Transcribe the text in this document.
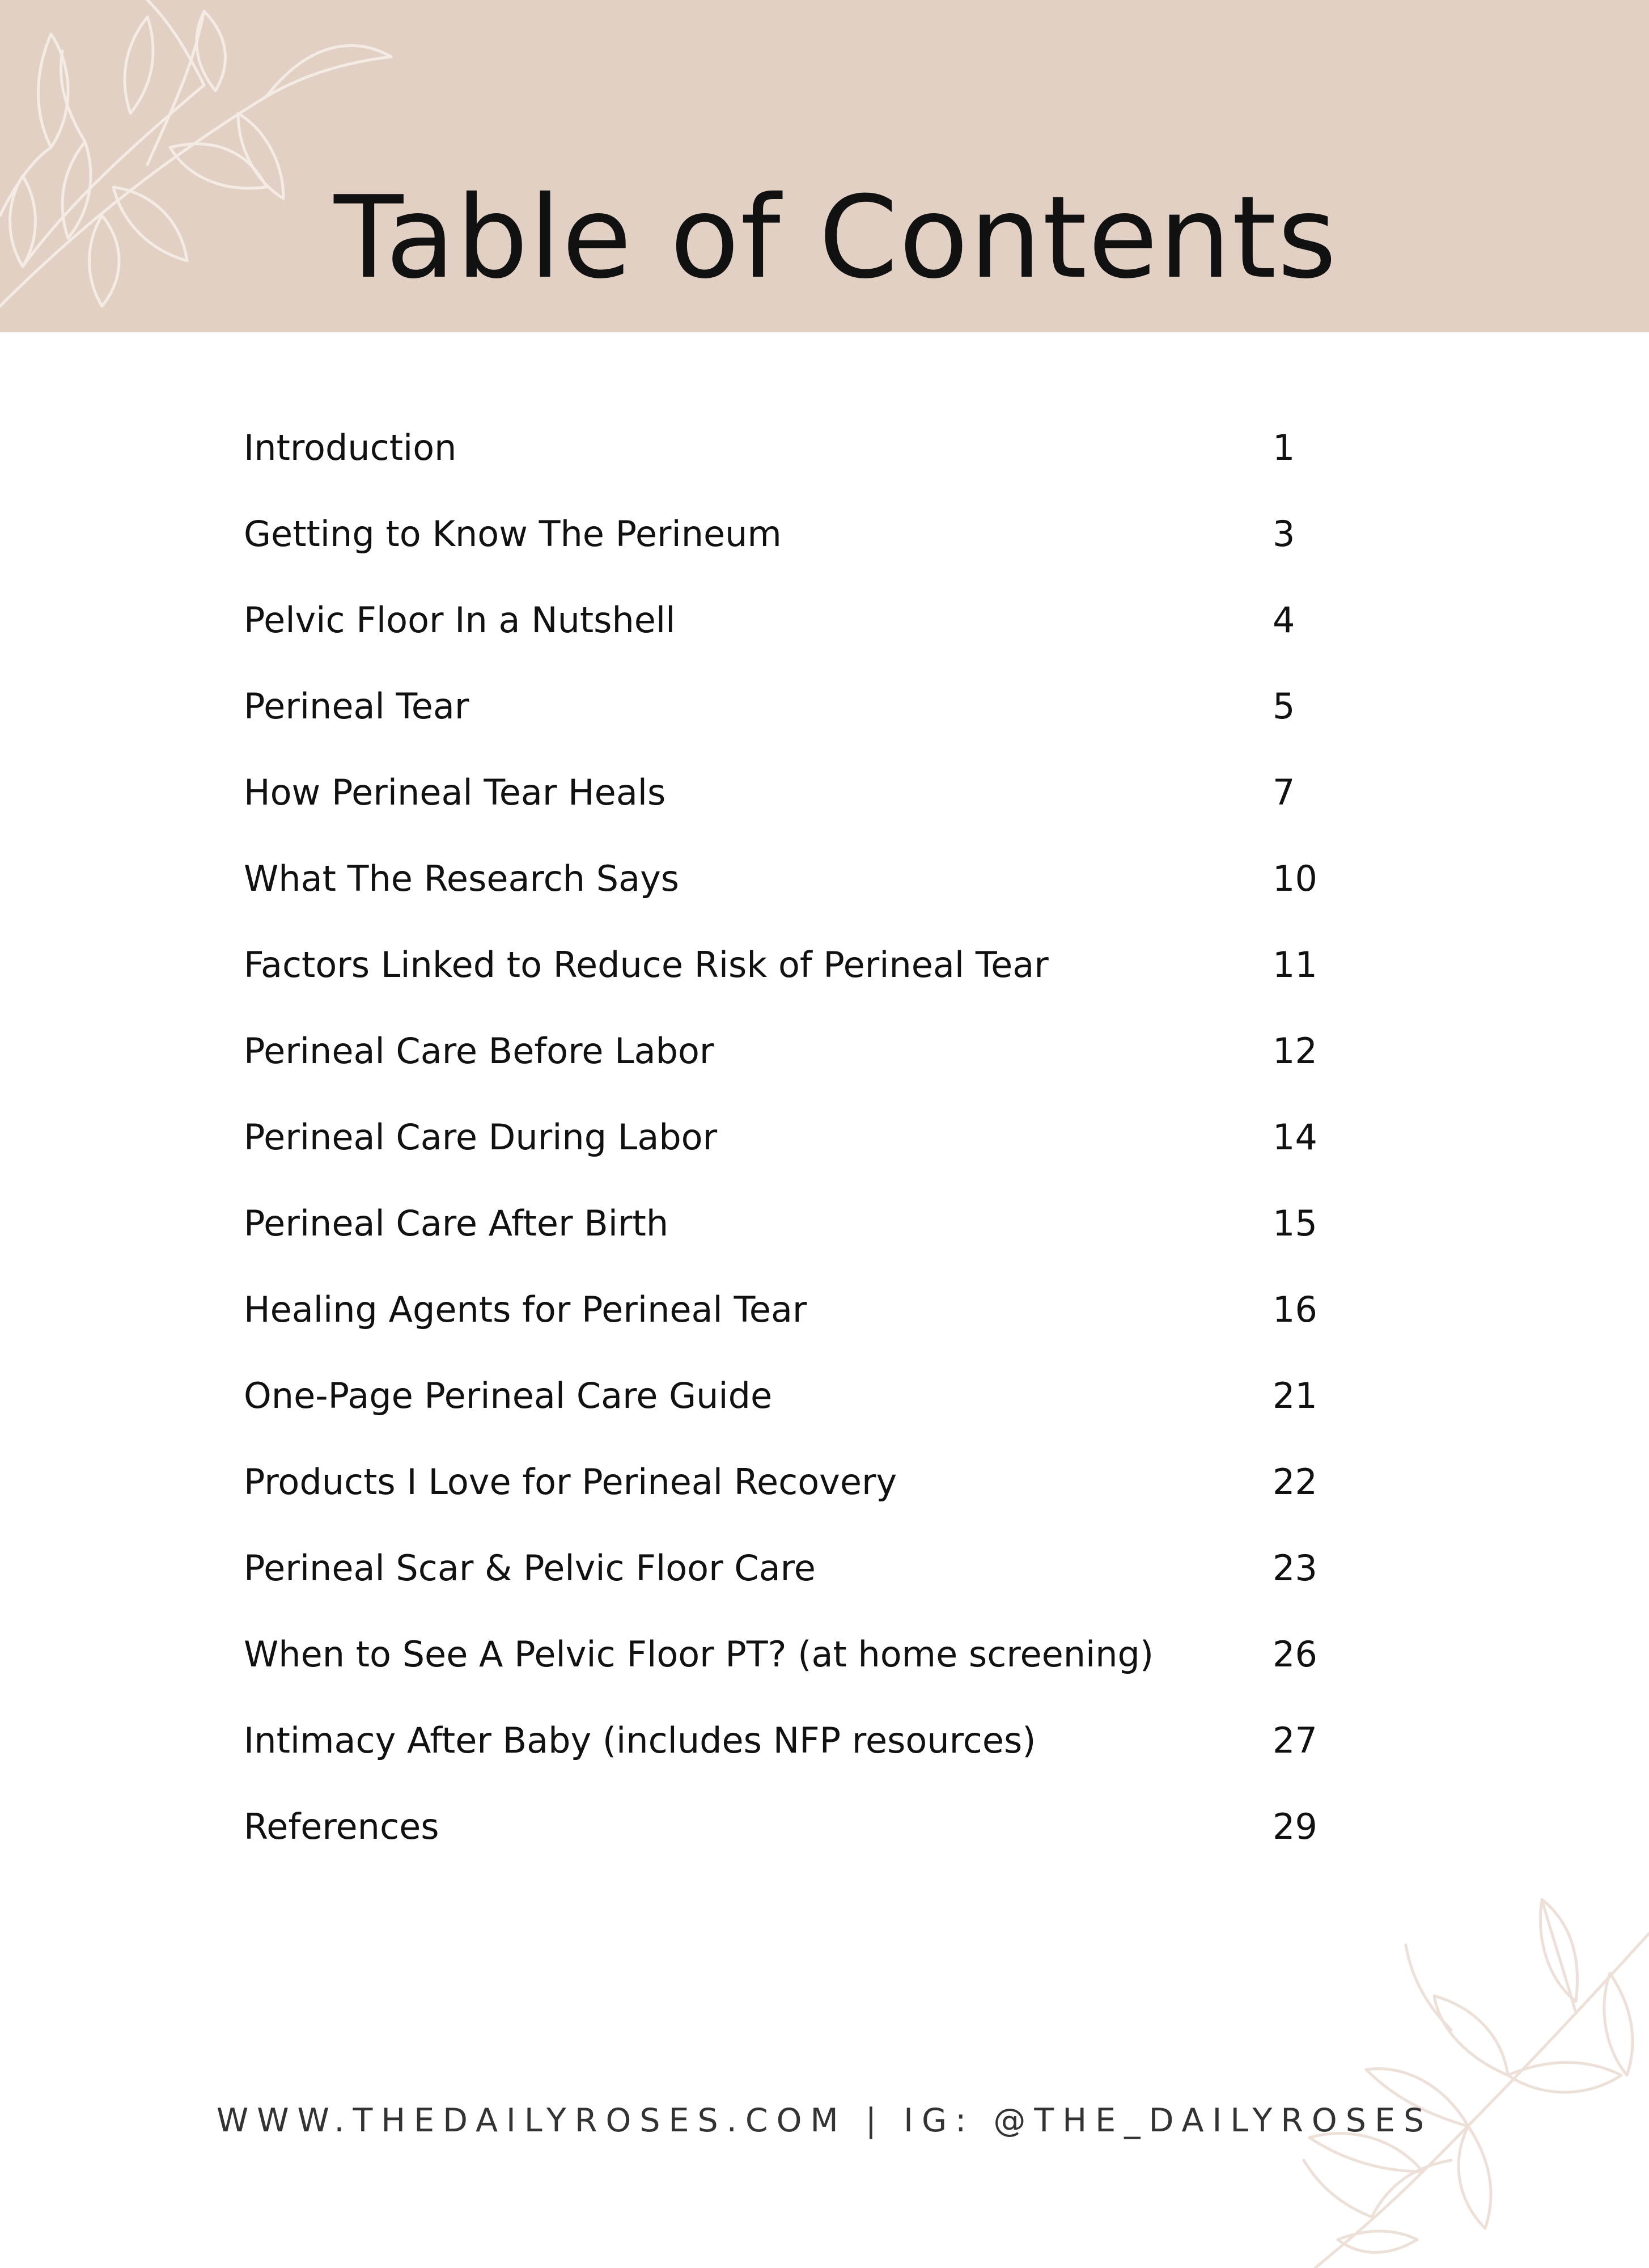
Table of Contents
Introduction	1
Getting to Know The Perineum	3
Pelvic Floor In a Nutshell	4
Perineal Tear	5
How Perineal Tear Heals	7
What The Research Says	10
Factors Linked to Reduce Risk of Perineal Tear	11
Perineal Care Before Labor	12
Perineal Care During Labor	14
Perineal Care After Birth	15
Healing Agents for Perineal Tear	16
One-Page Perineal Care Guide	21
Products I Love for Perineal Recovery	22
Perineal Scar & Pelvic Floor Care	23
When to See A Pelvic Floor PT? (at home screening)	26
Intimacy After Baby (includes NFP resources)	27
References	29
WWW.THEDAILYROSES.COM | IG: @THE_DAILYROSES
